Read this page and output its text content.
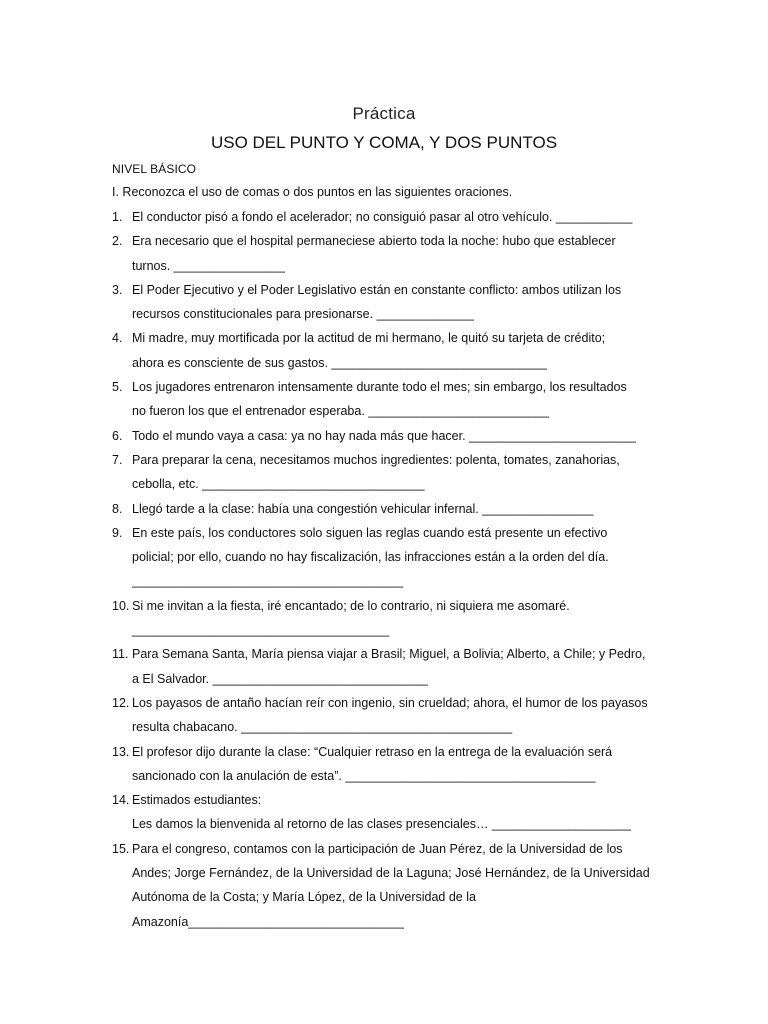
Práctica
USO DEL PUNTO Y COMA, Y DOS PUNTOS
NIVEL BÁSICO
I. Reconozca el uso de comas o dos puntos en las siguientes oraciones.
1. El conductor pisó a fondo el acelerador; no consiguió pasar al otro vehículo. ___________
2. Era necesario que el hospital permaneciese abierto toda la noche: hubo que establecer
turnos. ________________
3. El Poder Ejecutivo y el Poder Legislativo están en constante conflicto: ambos utilizan los
recursos constitucionales para presionarse. ______________
4. Mi madre, muy mortificada por la actitud de mi hermano, le quitó su tarjeta de crédito;
ahora es consciente de sus gastos. _______________________________
5. Los jugadores entrenaron intensamente durante todo el mes; sin embargo, los resultados
no fueron los que el entrenador esperaba. __________________________
6. Todo el mundo vaya a casa: ya no hay nada más que hacer. ________________________
7. Para preparar la cena, necesitamos muchos ingredientes: polenta, tomates, zanahorias,
cebolla, etc. ________________________________
8. Llegó tarde a la clase: había una congestión vehicular infernal. ________________
9. En este país, los conductores solo siguen las reglas cuando está presente un efectivo
policial; por ello, cuando no hay fiscalización, las infracciones están a la orden del día.
_______________________________________
10. Si me invitan a la fiesta, iré encantado; de lo contrario, ni siquiera me asomaré.
_____________________________________
11. Para Semana Santa, María piensa viajar a Brasil; Miguel, a Bolivia; Alberto, a Chile; y Pedro,
a El Salvador. _______________________________
12. Los payasos de antaño hacían reír con ingenio, sin crueldad; ahora, el humor de los payasos
resulta chabacano. _______________________________________
13. El profesor dijo durante la clase: “Cualquier retraso en la entrega de la evaluación será
sancionado con la anulación de esta”. ____________________________________
14. Estimados estudiantes:
Les damos la bienvenida al retorno de las clases presenciales… ____________________
15. Para el congreso, contamos con la participación de Juan Pérez, de la Universidad de los
Andes; Jorge Fernández, de la Universidad de la Laguna; José Hernández, de la Universidad
Autónoma de la Costa; y María López, de la Universidad de la
Amazonía_______________________________
